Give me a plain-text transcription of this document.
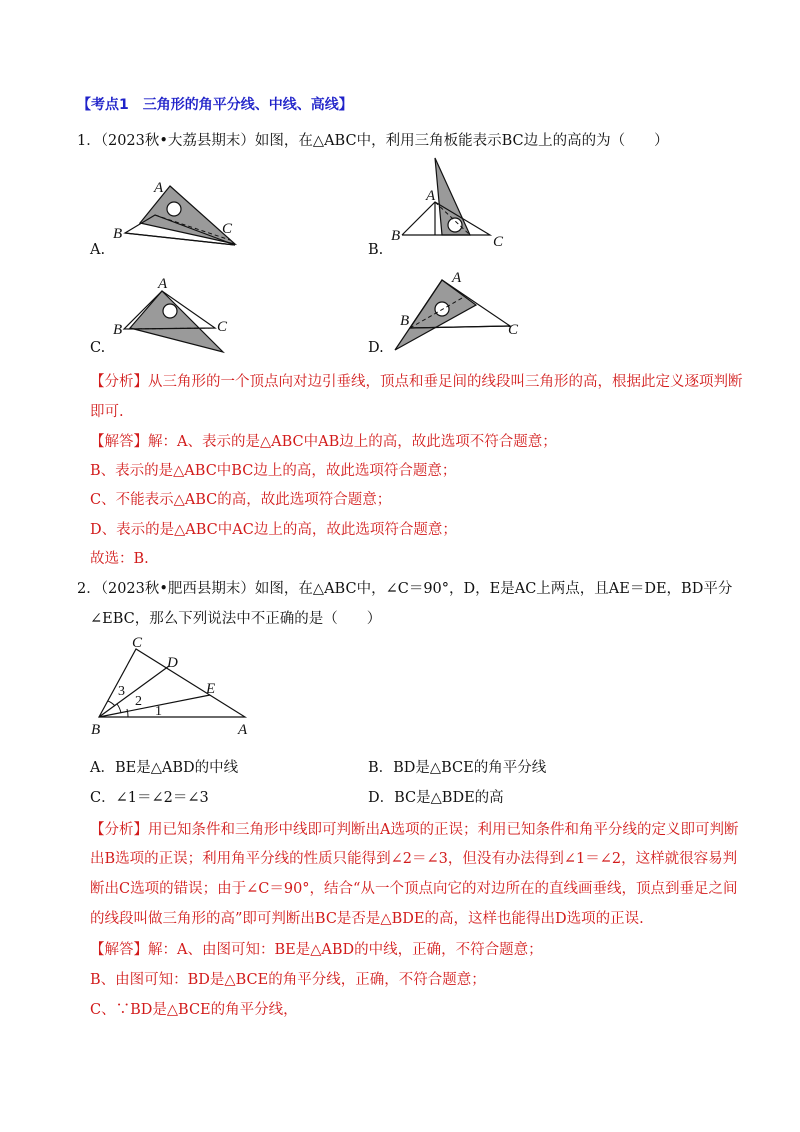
【考点1　三角形的角平分线、中线、高线】
1．（2023秋•大荔县期末）如图，在△ABC中，利用三角板能表示BC边上的高的为（　　）
A
B	C
A.
A
B	C
B.
A
B	C
C.
A
B
C
D.
【分析】从三角形的一个顶点向对边引垂线，顶点和垂足间的线段叫三角形的高，根据此定义逐项判断
即可.
【解答】解：A、表示的是△ABC中AB边上的高，故此选项不符合题意；
B、表示的是△ABC中BC边上的高，故此选项符合题意；
C、不能表示△ABC的高，故此选项符合题意；
D、表示的是△ABC中AC边上的高，故此选项符合题意；
故选：B.
2．（2023秋•肥西县期末）如图，在△ABC中，∠C＝90°，D，E是AC上两点，且AE＝DE，BD平分
∠EBC，那么下列说法中不正确的是（　　）
C
D
E
B	A
1
2
3
A．BE是△ABD的中线	B．BD是△BCE的角平分线
C．∠1＝∠2＝∠3	D．BC是△BDE的高
【分析】用已知条件和三角形中线即可判断出A选项的正误；利用已知条件和角平分线的定义即可判断
出B选项的正误；利用角平分线的性质只能得到∠2＝∠3，但没有办法得到∠1＝∠2，这样就很容易判
断出C选项的错误；由于∠C＝90°，结合“从一个顶点向它的对边所在的直线画垂线，顶点到垂足之间
的线段叫做三角形的高”即可判断出BC是否是△BDE的高，这样也能得出D选项的正误.
【解答】解：A、由图可知：BE是△ABD的中线，正确，不符合题意；
B、由图可知：BD是△BCE的角平分线，正确，不符合题意；
C、∵BD是△BCE的角平分线，
